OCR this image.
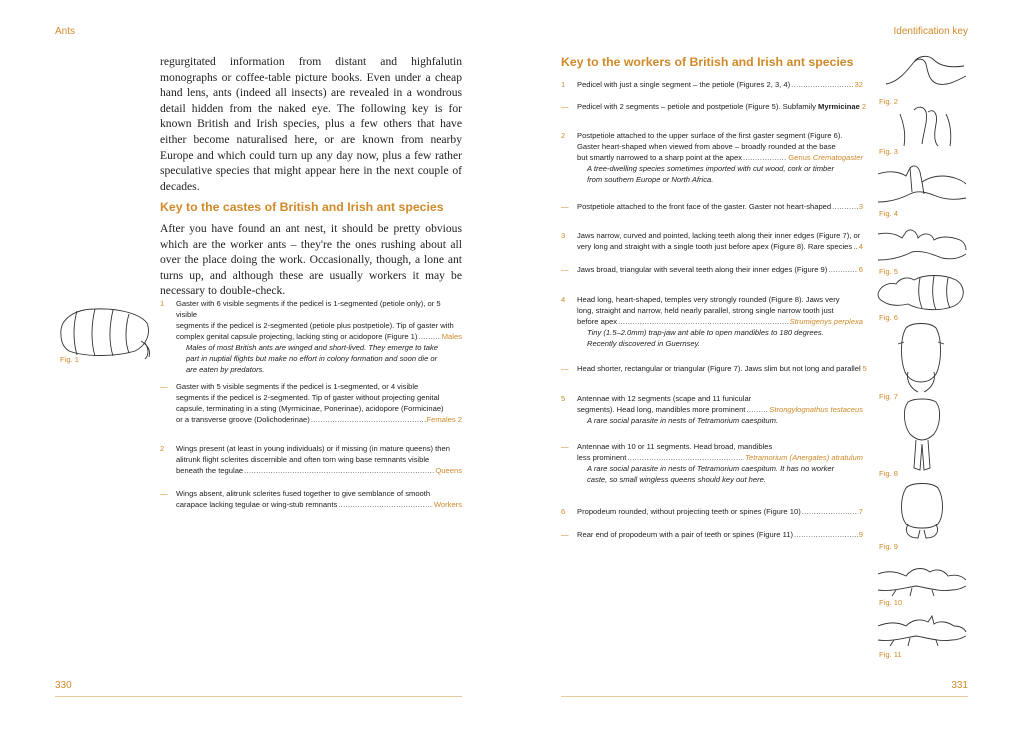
Ants	Identification key
regurgitated information from distant and highfalutin monographs or coffee-table picture books. Even under a cheap hand lens, ants (indeed all insects) are revealed in a wondrous detail hidden from the naked eye. The following key is for known British and Irish species, plus a few others that have either become naturalised here, or are known from nearby Europe and which could turn up any day now, plus a few rather speculative species that might appear here in the next couple of decades.
Key to the castes of British and Irish ant species
After you have found an ant nest, it should be pretty obvious which are the worker ants – they're the ones rushing about all over the place doing the work. Occasionally, though, a lone ant turns up, and although these are usually workers it may be necessary to double-check.
Fig. 1
1 Gaster with 6 visible segments if the pedicel is 1-segmented (petiole only), or 5 visible
segments if the pedicel is 2-segmented (petiole plus postpetiole). Tip of gaster with
complex genital capsule projecting, lacking sting or acidopore (Figure 1) .....	Males
Males of most British ants are winged and short-lived. They emerge to take
part in nuptial flights but make no effort in colony formation and soon die or
are eaten by predators.
— Gaster with 5 visible segments if the pedicel is 1-segmented, or 4 visible
segments if the pedicel is 2-segmented. Tip of gaster without projecting genital
capsule, terminating in a sting (Myrmicinae, Ponerinae), acidopore (Formicinae)
or a transverse groove (Dolichoderinae) .....	Females 2
2 Wings present (at least in young individuals) or if missing (in mature queens) then
alitrunk flight sclerites discernible and often torn wing base remnants visible
beneath the tegulae .....	Queens
— Wings absent, alitrunk sclerites fused together to give semblance of smooth
carapace lacking tegulae or wing-stub remnants .....	Workers
330
Key to the workers of British and Irish ant species
1 Pedicel with just a single segment – the petiole (Figures 2, 3, 4) .....	32
— Pedicel with 2 segments – petiole and postpetiole (Figure 5). Subfamily Myrmicinae 2
2 Postpetiole attached to the upper surface of the first gaster segment (Figure 6).
Gaster heart-shaped when viewed from above – broadly rounded at the base
but smartly narrowed to a sharp point at the apex .....	Genus Crematogaster
A tree-dwelling species sometimes imported with cut wood, cork or timber
from southern Europe or North Africa.
— Postpetiole attached to the front face of the gaster. Gaster not heart-shaped .....	3
3 Jaws narrow, curved and pointed, lacking teeth along their inner edges (Figure 7), or
very long and straight with a single tooth just before apex (Figure 8). Rare species ..... 4
— Jaws broad, triangular with several teeth along their inner edges (Figure 9) .....	6
4 Head long, heart-shaped, temples very strongly rounded (Figure 8). Jaws very
long, straight and narrow, held nearly parallel, strong single narrow tooth just
before apex .....	Strumigenys perplexa
Tiny (1.5–2.0mm) trap-jaw ant able to open mandibles to 180 degrees.
Recently discovered in Guernsey.
— Head shorter, rectangular or triangular (Figure 7). Jaws slim but not long and parallel 5
5 Antennae with 12 segments (scape and 11 funicular
segments). Head long, mandibles more prominent .....	Strongylognathus testaceus
A rare social parasite in nests of Tetramorium caespitum.
— Antennae with 10 or 11 segments. Head broad, mandibles
less prominent .....	Tetramorium (Anergates) atratulum
A rare social parasite in nests of Tetramorium caespitum. It has no worker
caste, so small wingless queens should key out here.
6 Propodeum rounded, without projecting teeth or spines (Figure 10) .....	7
— Rear end of propodeum with a pair of teeth or spines (Figure 11) .....	9
Fig. 2
Fig. 3
Fig. 4
Fig. 5
Fig. 6
Fig. 7
Fig. 8
Fig. 9
Fig. 10
Fig. 11
331
